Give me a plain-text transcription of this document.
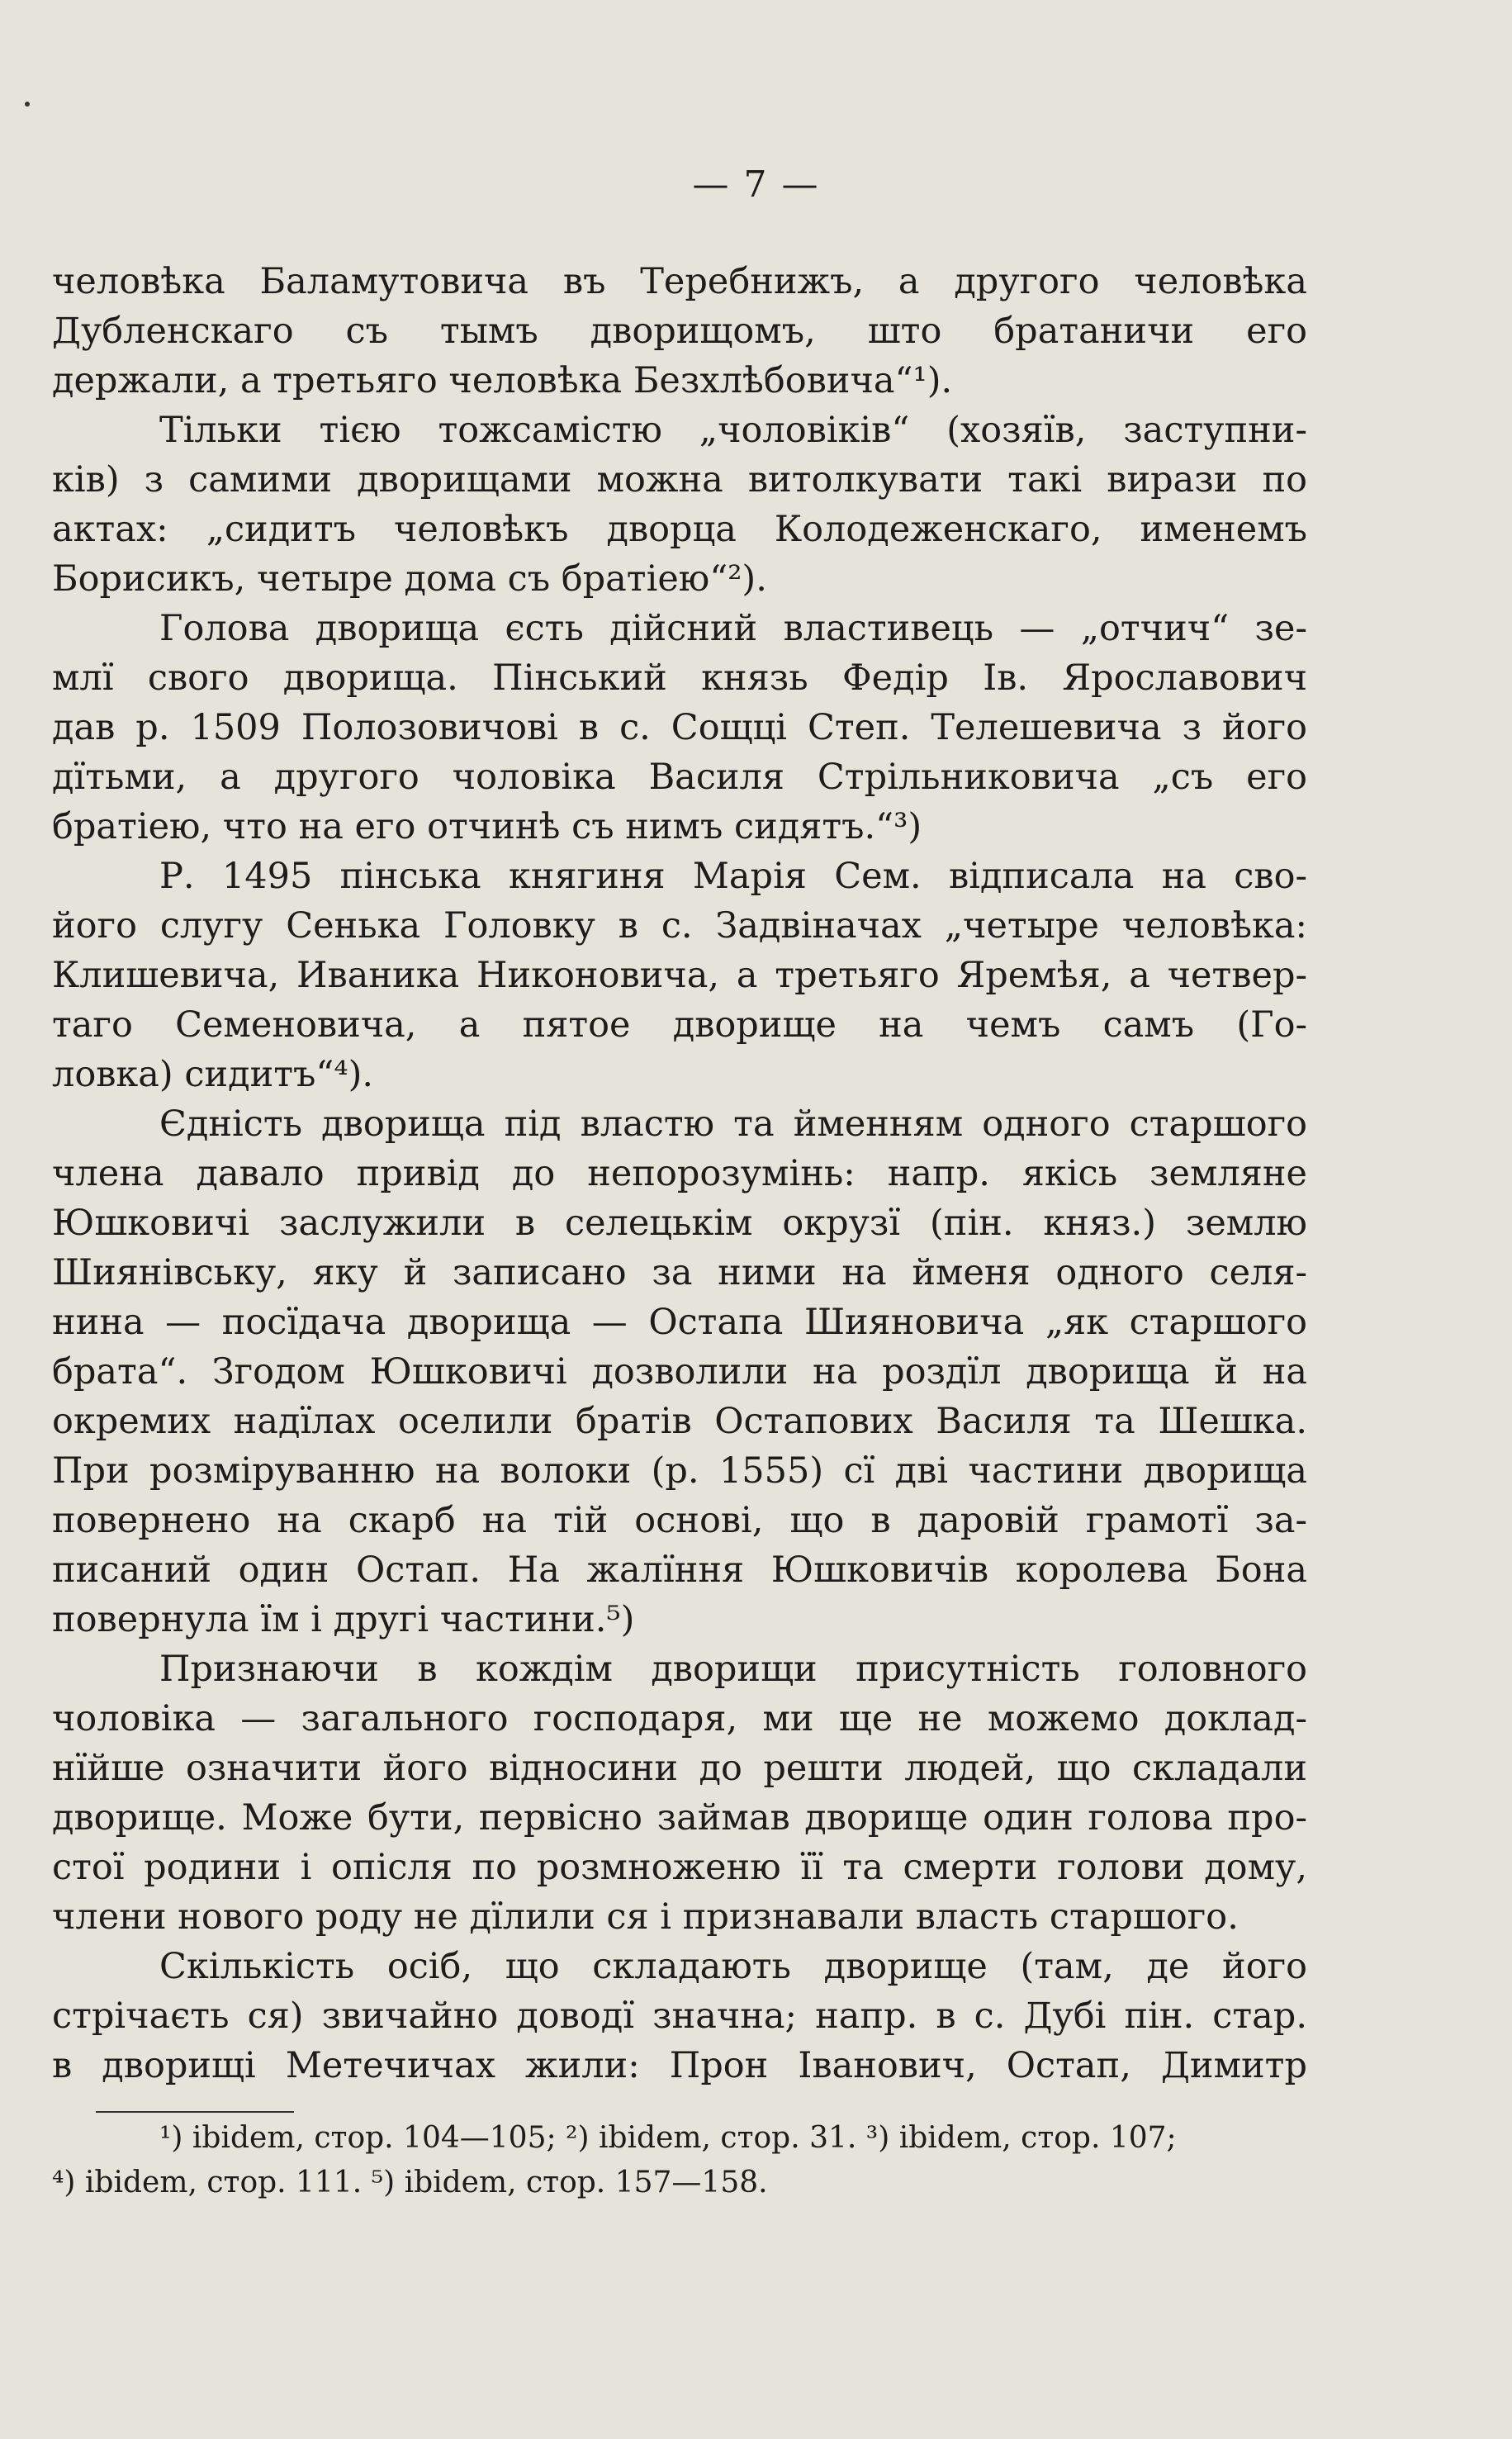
— 7 —
человѣка Баламутовича въ Теребнижъ, а другого человѣка
Дубленскаго съ тымъ дворищомъ, што братаничи его
держали, а третьяго человѣка Безхлѣбовича“¹).
Тільки тією тожсамістю „чоловіків“ (хозяїв, заступни-
ків) з самими дворищами можна витолкувати такі вирази по
актах: „сидитъ человѣкъ дворца Колодеженскаго, именемъ
Борисикъ, четыре дома съ братіею“²).
Голова дворища єсть дійсний властивець — „отчич“ зе-
млї свого дворища. Пінський князь Федір Ів. Ярославович
дав р. 1509 Полозовичові в с. Сощці Степ. Телешевича з його
дїтьми, а другого чоловіка Василя Стрільниковича „съ его
братіею, что на его отчинѣ съ нимъ сидятъ.“³)
Р. 1495 пінська княгиня Марія Сем. відписала на сво-
його слугу Сенька Головку в с. Задвіначах „четыре человѣка:
Клишевича, Иваника Никоновича, а третьяго Яремѣя, а четвер-
таго Семеновича, а пятое дворище на чемъ самъ (Го-
ловка) сидитъ“⁴).
Єдність дворища під властю та йменням одного старшого
члена давало привід до непорозумінь: напр. якісь земляне
Юшковичі заслужили в селецькім окрузї (пін. княз.) землю
Шиянівську, яку й записано за ними на йменя одного селя-
нина — посїдача дворища — Остапа Шияновича „як старшого
брата“. Згодом Юшковичі дозволили на роздїл дворища й на
окремих надїлах оселили братів Остапових Василя та Шешка.
При розміруванню на волоки (р. 1555) сї дві частини дворища
повернено на скарб на тій основі, що в даровій грамотї за-
писаний один Остап. На жалїння Юшковичів королева Бона
повернула їм і другі частини.⁵)
Признаючи в кождім дворищи присутність головного
чоловіка — загального господаря, ми ще не можемо доклад-
нїйше означити його відносини до решти людей, що складали
дворище. Може бути, первісно займав дворище один голова про-
стої родини і опісля по розмноженю її та смерти голови дому,
члени нового роду не дїлили ся і признавали власть старшого.
Скількість осіб, що складають дворище (там, де його
стрічаєть ся) звичайно доводї значна; напр. в с. Дубі пін. стар.
в дворищі Метечичах жили: Прон Іванович, Остап, Димитр
¹) ibidem, стор. 104—105; ²) ibidem, стор. 31. ³) ibidem, стор. 107;
⁴) ibidem, стор. 111. ⁵) ibidem, стор. 157—158.
